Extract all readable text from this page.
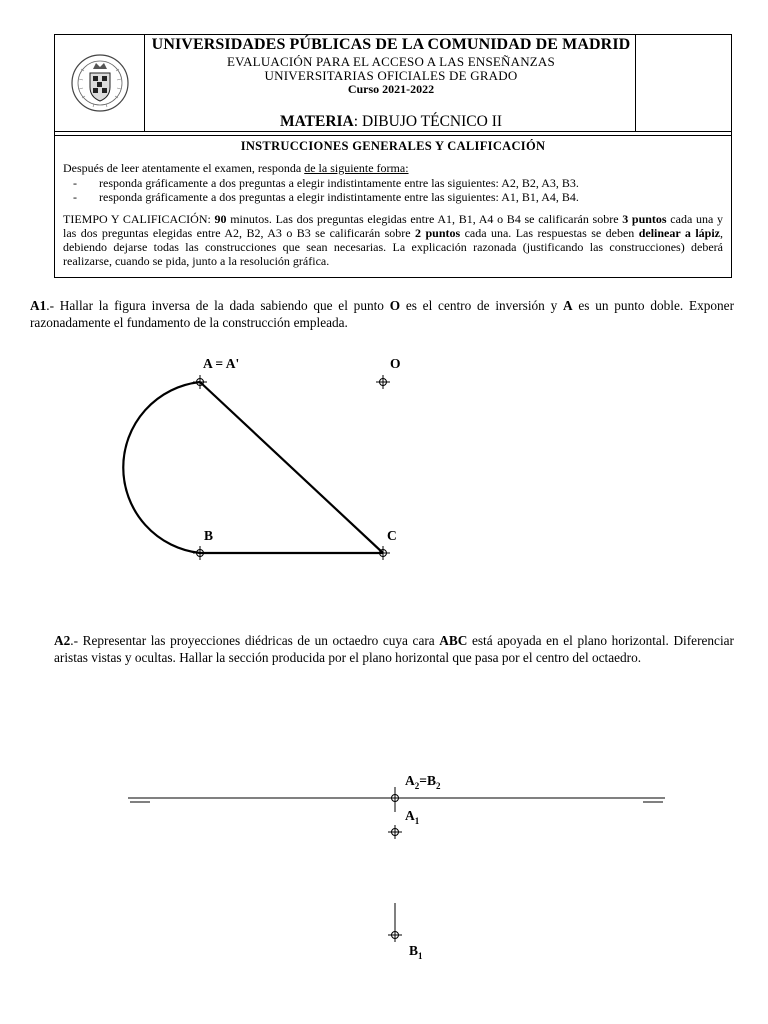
UNIVERSIDADES PÚBLICAS DE LA COMUNIDAD DE MADRID
EVALUACIÓN PARA EL ACCESO A LAS ENSEÑANZAS
UNIVERSITARIAS OFICIALES DE GRADO
Curso 2021-2022
MATERIA: DIBUJO TÉCNICO II
INSTRUCCIONES GENERALES Y CALIFICACIÓN
Después de leer atentamente el examen, responda de la siguiente forma:
- responda gráficamente a dos preguntas a elegir indistintamente entre las siguientes: A2, B2, A3, B3.
- responda gráficamente a dos preguntas a elegir indistintamente entre las siguientes: A1, B1, A4, B4.
TIEMPO Y CALIFICACIÓN: 90 minutos. Las dos preguntas elegidas entre A1, B1, A4 o B4 se calificarán sobre 3 puntos cada una y las dos preguntas elegidas entre A2, B2, A3 o B3 se calificarán sobre 2 puntos cada una. Las respuestas se deben delinear a lápiz, debiendo dejarse todas las construcciones que sean necesarias. La explicación razonada (justificando las construcciones) deberá realizarse, cuando se pida, junto a la resolución gráfica.
A1.- Hallar la figura inversa de la dada sabiendo que el punto O es el centro de inversión y A es un punto doble. Exponer razonadamente el fundamento de la construcción empleada.
A2.- Representar las proyecciones diédricas de un octaedro cuya cara ABC está apoyada en el plano horizontal. Diferenciar aristas vistas y ocultas. Hallar la sección producida por el plano horizontal que pasa por el centro del octaedro.
A = A'	O
B	C
$A_2=B_2$
$A_1$
$B_1$
